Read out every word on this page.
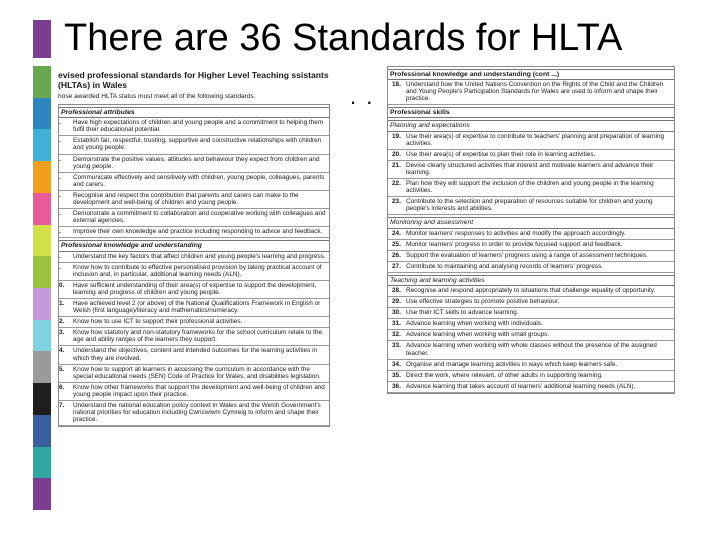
There are 36 Standards for HLTA
. .
evised professional standards for Higher Level Teaching ssistants (HLTAs) in Wales
hose awarded HLTA status must meet all of the following standards.
Professional attributes
.	Have high expectations of children and young people and a commitment to helping them fulfil their educational potential.
.	Establish fair, respectful, trusting, supportive and constructive relationships with children and young people.
.	Demonstrate the positive values, attitudes and behaviour they expect from children and young people.
.	Communicate effectively and sensitively with children, young people, colleagues, parents and carers.
.	Recognise and respect the contribution that parents and carers can make to the development and well-being of children and young people.
.	Demonstrate a commitment to collaboration and cooperative working with colleagues and external agencies.
.	Improve their own knowledge and practice including responding to advice and feedback.
Professional knowledge and understanding
.	Understand the key factors that affect children and young people's learning and progress.
.	Know how to contribute to effective personalised provision by taking practical account of inclusion and, in particular, additional learning needs (ALN).
0.	Have sufficient understanding of their area(s) of expertise to support the development, learning and progress of children and young people.
1.	Have achieved level 2 (or above) of the National Qualifications Framework in English or Welsh (first language)/literacy and mathematics/numeracy.
2.	Know how to use ICT to support their professional activities.
3.	Know how statutory and non-statutory frameworks for the school curriculum relate to the age and ability ranges of the learners they support.
4.	Understand the objectives, content and intended outcomes for the learning activities in which they are involved.
5.	Know how to support all learners in accessing the curriculum in accordance with the special educational needs (SEN) Code of Practice for Wales, and disabilities legislation.
6.	Know how other frameworks that support the development and well-being of children and young people impact upon their practice.
7.	Understand the national education policy context in Wales and the Welsh Government's national priorities for education including Cwricwlwm Cymreig to inform and shape their practice.
Professional knowledge and understanding (cont ...)
18. Understand how the United Nations Convention on the Rights of the Child and the Children and Young People's Participation Standards for Wales are used to inform and shape their practice.
Professional skills
Planning and expectations
19. Use their area(s) of expertise to contribute to teachers' planning and preparation of learning activities.
20. Use their area(s) of expertise to plan their role in learning activities.
21. Devise clearly structured activities that interest and motivate learners and advance their learning.
22. Plan how they will support the inclusion of the children and young people in the learning activities.
23. Contribute to the selection and preparation of resources suitable for children and young people's interests and abilities.
Monitoring and assessment
24. Monitor learners' responses to activities and modify the approach accordingly.
25. Monitor learners' progress in order to provide focused support and feedback.
26. Support the evaluation of learners' progress using a range of assessment techniques.
27. Contribute to maintaining and analysing records of learners' progress.
Teaching and learning activities
28. Recognise and respond appropriately to situations that challenge equality of opportunity.
29. Use effective strategies to promote positive behaviour.
30. Use their ICT skills to advance learning.
31. Advance learning when working with individuals.
32. Advance learning when working with small groups.
33. Advance learning when working with whole classes without the presence of the assigned teacher.
34. Organise and manage learning activities in ways which keep learners safe.
35. Direct the work, where relevant, of other adults in supporting learning.
36. Advance learning that takes account of learners' additional learning needs (ALN).
